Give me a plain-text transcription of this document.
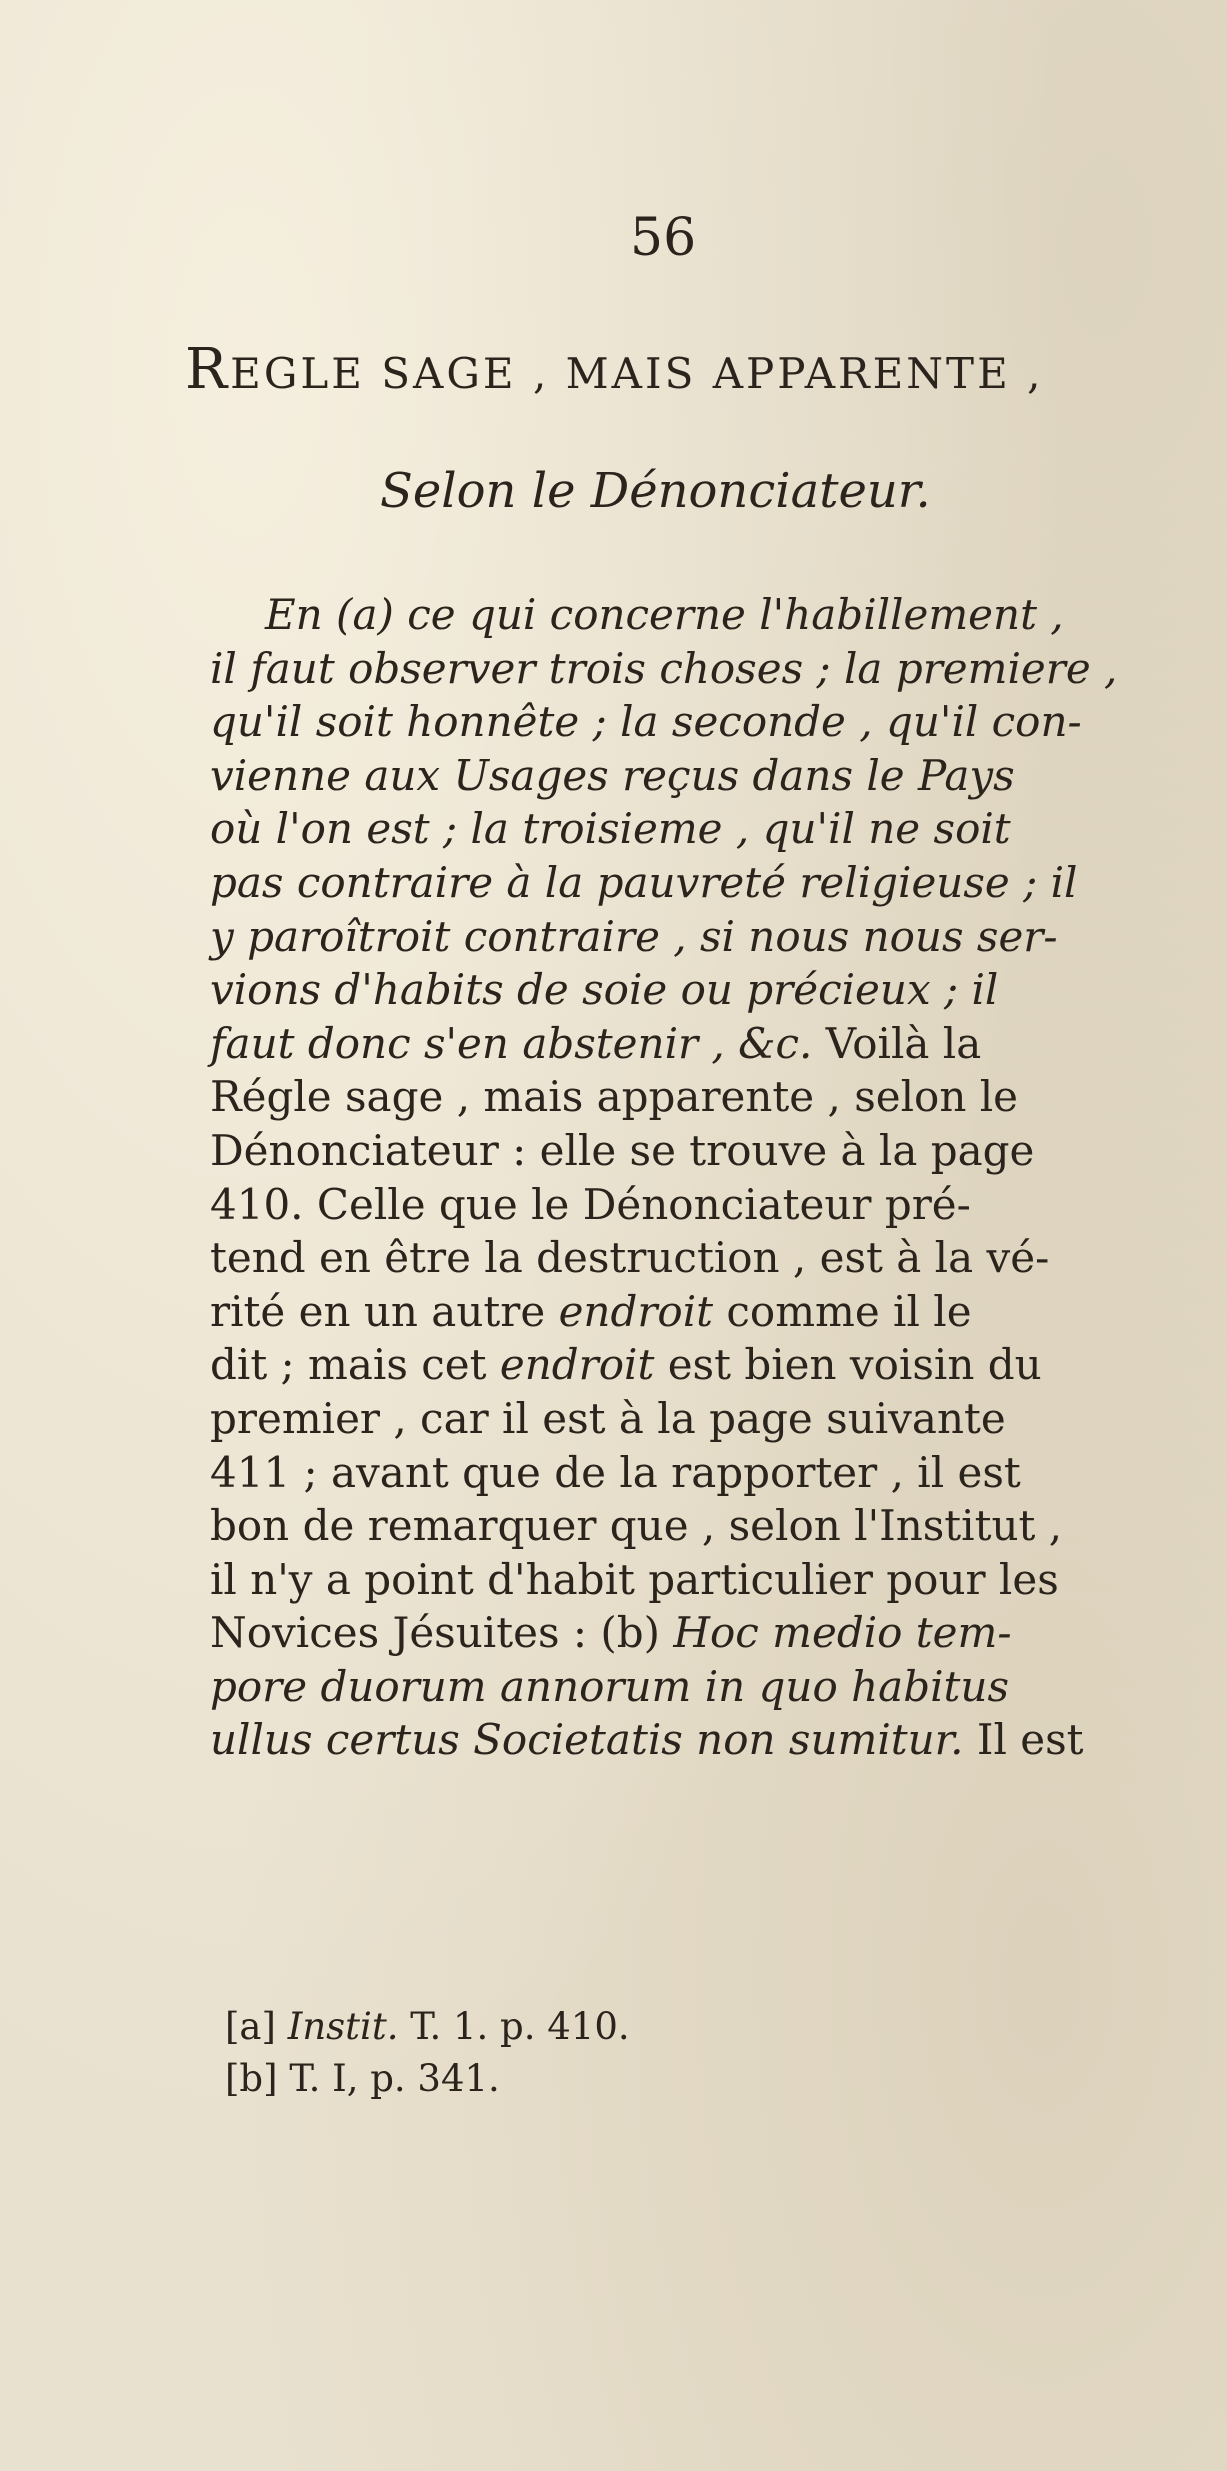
56
REGLE SAGE , MAIS APPARENTE ,
Selon le Dénonciateur.
En (a) ce qui concerne l'habillement ,
il faut observer trois choses ; la premiere ,
qu'il soit honnête ; la seconde , qu'il con-
vienne aux Usages reçus dans le Pays
où l'on est ; la troisieme , qu'il ne soit
pas contraire à la pauvreté religieuse ; il
y paroîtroit contraire , si nous nous ser-
vions d'habits de soie ou précieux ; il
faut donc s'en abstenir , &c. Voilà la
Régle sage , mais apparente , selon le
Dénonciateur : elle se trouve à la page
410. Celle que le Dénonciateur pré-
tend en être la destruction , est à la vé-
rité en un autre endroit comme il le
dit ; mais cet endroit est bien voisin du
premier , car il est à la page suivante
411 ; avant que de la rapporter , il est
bon de remarquer que , selon l'Institut ,
il n'y a point d'habit particulier pour les
Novices Jésuites : (b) Hoc medio tem-
pore duorum annorum in quo habitus
ullus certus Societatis non sumitur. Il est
[a] Instit. T. 1. p. 410.
[b] T. I, p. 341.
